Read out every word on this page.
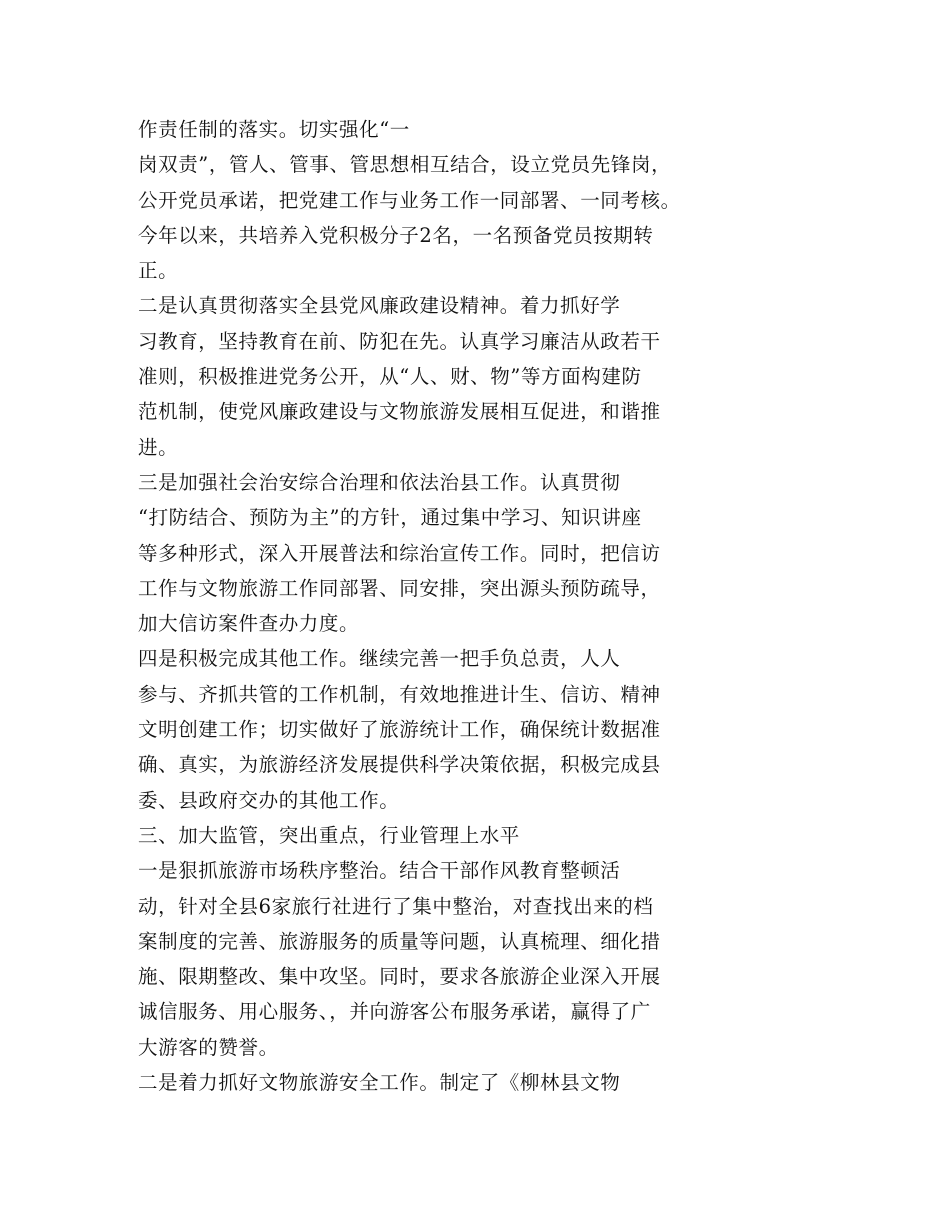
作责任制的落实。切实强化“一
岗双责”，管人、管事、管思想相互结合，设立党员先锋岗，
公开党员承诺，把党建工作与业务工作一同部署、一同考核。
今年以来，共培养入党积极分子2名，一名预备党员按期转
正。
二是认真贯彻落实全县党风廉政建设精神。着力抓好学
习教育，坚持教育在前、防犯在先。认真学习廉洁从政若干
准则，积极推进党务公开，从“人、财、物”等方面构建防
范机制，使党风廉政建设与文物旅游发展相互促进，和谐推
进。
三是加强社会治安综合治理和依法治县工作。认真贯彻
“打防结合、预防为主”的方针，通过集中学习、知识讲座
等多种形式，深入开展普法和综治宣传工作。同时，把信访
工作与文物旅游工作同部署、同安排，突出源头预防疏导，
加大信访案件查办力度。
四是积极完成其他工作。继续完善一把手负总责，人人
参与、齐抓共管的工作机制，有效地推进计生、信访、精神
文明创建工作；切实做好了旅游统计工作，确保统计数据准
确、真实，为旅游经济发展提供科学决策依据，积极完成县
委、县政府交办的其他工作。
三、加大监管，突出重点，行业管理上水平
一是狠抓旅游市场秩序整治。结合干部作风教育整顿活
动，针对全县6家旅行社进行了集中整治，对查找出来的档
案制度的完善、旅游服务的质量等问题，认真梳理、细化措
施、限期整改、集中攻坚。同时，要求各旅游企业深入开展
诚信服务、用心服务、，并向游客公布服务承诺，赢得了广
大游客的赞誉。
二是着力抓好文物旅游安全工作。制定了《柳林县文物
